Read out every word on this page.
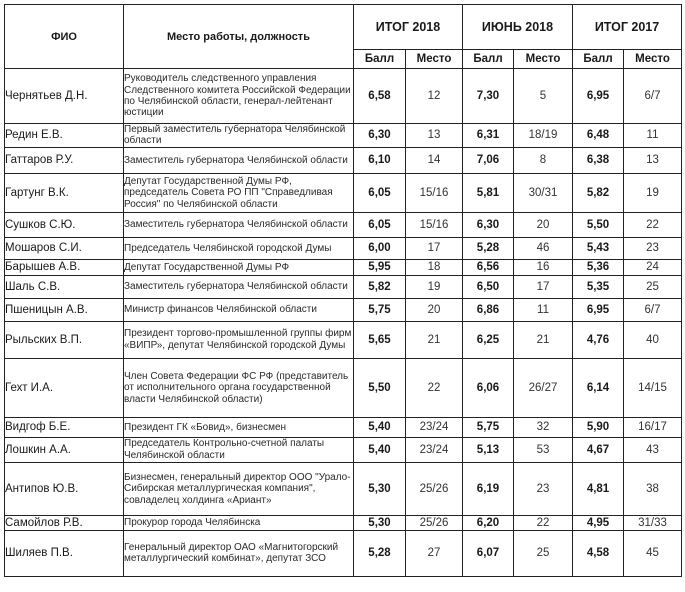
ФИО	Место работы, должность	ИТОГ 2018		ИЮНЬ 2018		ИТОГ 2017	
		Балл	Место	Балл	Место	Балл	Место
Чернятьев Д.Н.	Руководитель следственного управления Следственного комитета Российской Федерации по Челябинской области, генерал-лейтенант юстиции	6,58	12	7,30	5	6,95	6/7
Редин Е.В.	Первый заместитель губернатора Челябинской области	6,30	13	6,31	18/19	6,48	11
Гаттаров Р.У.	Заместитель губернатора Челябинской области	6,10	14	7,06	8	6,38	13
Гартунг В.К.	Депутат Государственной Думы РФ, председатель Совета РО ПП "Справедливая Россия" по Челябинской области	6,05	15/16	5,81	30/31	5,82	19
Сушков С.Ю.	Заместитель губернатора Челябинской области	6,05	15/16	6,30	20	5,50	22
Мошаров С.И.	Председатель Челябинской городской Думы	6,00	17	5,28	46	5,43	23
Барышев А.В.	Депутат Государственной Думы РФ	5,95	18	6,56	16	5,36	24
Шаль С.В.	Заместитель губернатора Челябинской области	5,82	19	6,50	17	5,35	25
Пшеницын А.В.	Министр финансов Челябинской области	5,75	20	6,86	11	6,95	6/7
Рыльских В.П.	Президент торгово-промышленной группы фирм «ВИПР», депутат Челябинской городской Думы	5,65	21	6,25	21	4,76	40
Гехт И.А.	Член Совета Федерации ФС РФ (представитель от исполнительного органа государственной власти Челябинской области)	5,50	22	6,06	26/27	6,14	14/15
Видгоф Б.Е.	Президент ГК «Бовид», бизнесмен	5,40	23/24	5,75	32	5,90	16/17
Лошкин А.А.	Председатель Контрольно-счетной палаты Челябинской области	5,40	23/24	5,13	53	4,67	43
Антипов Ю.В.	Бизнесмен, генеральный директор ООО "Урало-Сибирская металлургическая компания", совладелец холдинга «Ариант»	5,30	25/26	6,19	23	4,81	38
Самойлов Р.В.	Прокурор города Челябинска	5,30	25/26	6,20	22	4,95	31/33
Шиляев П.В.	Генеральный директор ОАО «Магнитогорский металлургический комбинат», депутат ЗСО	5,28	27	6,07	25	4,58	45
